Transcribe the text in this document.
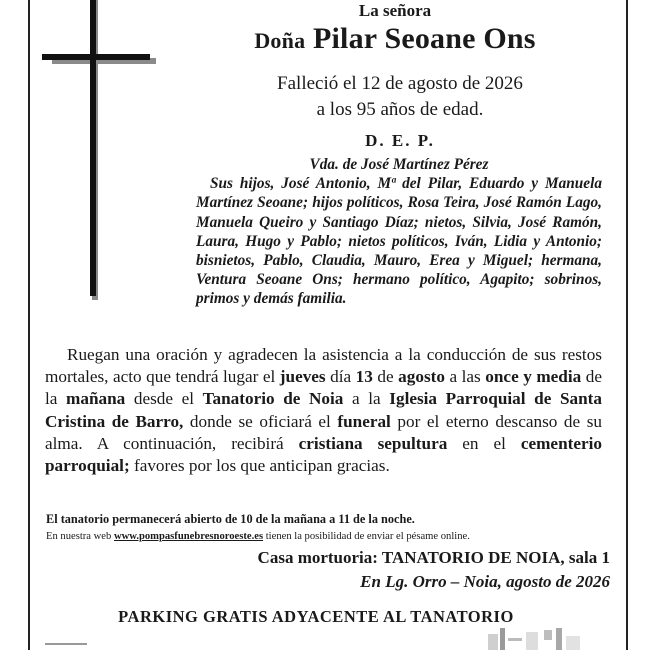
La señora
Doña Pilar Seoane Ons
Falleció el 12 de agosto de 2026
a los 95 años de edad.
D. E. P.
Vda. de José Martínez Pérez
Sus hijos, José Antonio, Mª del Pilar, Eduardo y Manuela Martínez Seoane; hijos políticos, Rosa Teira, José Ramón Lago, Manuela Queiro y Santiago Díaz; nietos, Silvia, José Ramón, Laura, Hugo y Pablo; nietos políticos, Iván, Lidia y Antonio; bisnietos, Pablo, Claudia, Mauro, Erea y Miguel; hermana, Ventura Seoane Ons; hermano político, Agapito; sobrinos, primos y demás familia.
Ruegan una oración y agradecen la asistencia a la conducción de sus restos mortales, acto que tendrá lugar el jueves día 13 de agosto a las once y media de la mañana desde el Tanatorio de Noia a la Iglesia Parroquial de Santa Cristina de Barro, donde se oficiará el funeral por el eterno descanso de su alma. A continuación, recibirá cristiana sepultura en el cementerio parroquial; favores por los que anticipan gracias.
El tanatorio permanecerá abierto de 10 de la mañana a 11 de la noche.
En nuestra web www.pompasfunebresnoroeste.es tienen la posibilidad de enviar el pésame online.
Casa mortuoria: TANATORIO DE NOIA, sala 1
En Lg. Orro – Noia, agosto de 2026
PARKING GRATIS ADYACENTE AL TANATORIO
